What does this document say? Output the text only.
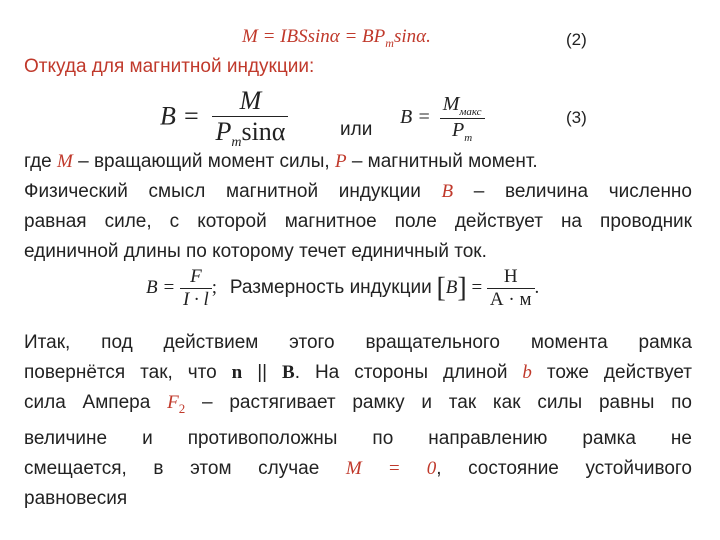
$M = IBSsin\alpha = BP_m\sin\alpha$.	(2)
Откуда для магнитной индукции:
$B = \frac{M}{P_m\sin\alpha}$	или
$B = \frac{M_{макс}}{P_m}$	(3)
где M – вращающий момент силы, P – магнитный момент.
Физический смысл магнитной индукции B – величина численно
равная силе, с которой магнитное поле действует на проводник
единичной длины по которому течет единичный ток.
$B = \frac{F}{I \cdot l}$ ; Размерность индукции $[B] = \frac{Н}{А \cdot м}$ .
Итак, под действием этого вращательного момента рамка
повернётся так, что n || B. На стороны длиной b тоже действует
сила Ампера $F_2$ – растягивает рамку и так как силы равны по
величине и противоположны по направлению рамка не
смещается, в этом случае M = 0, состояние устойчивого
равновесия
